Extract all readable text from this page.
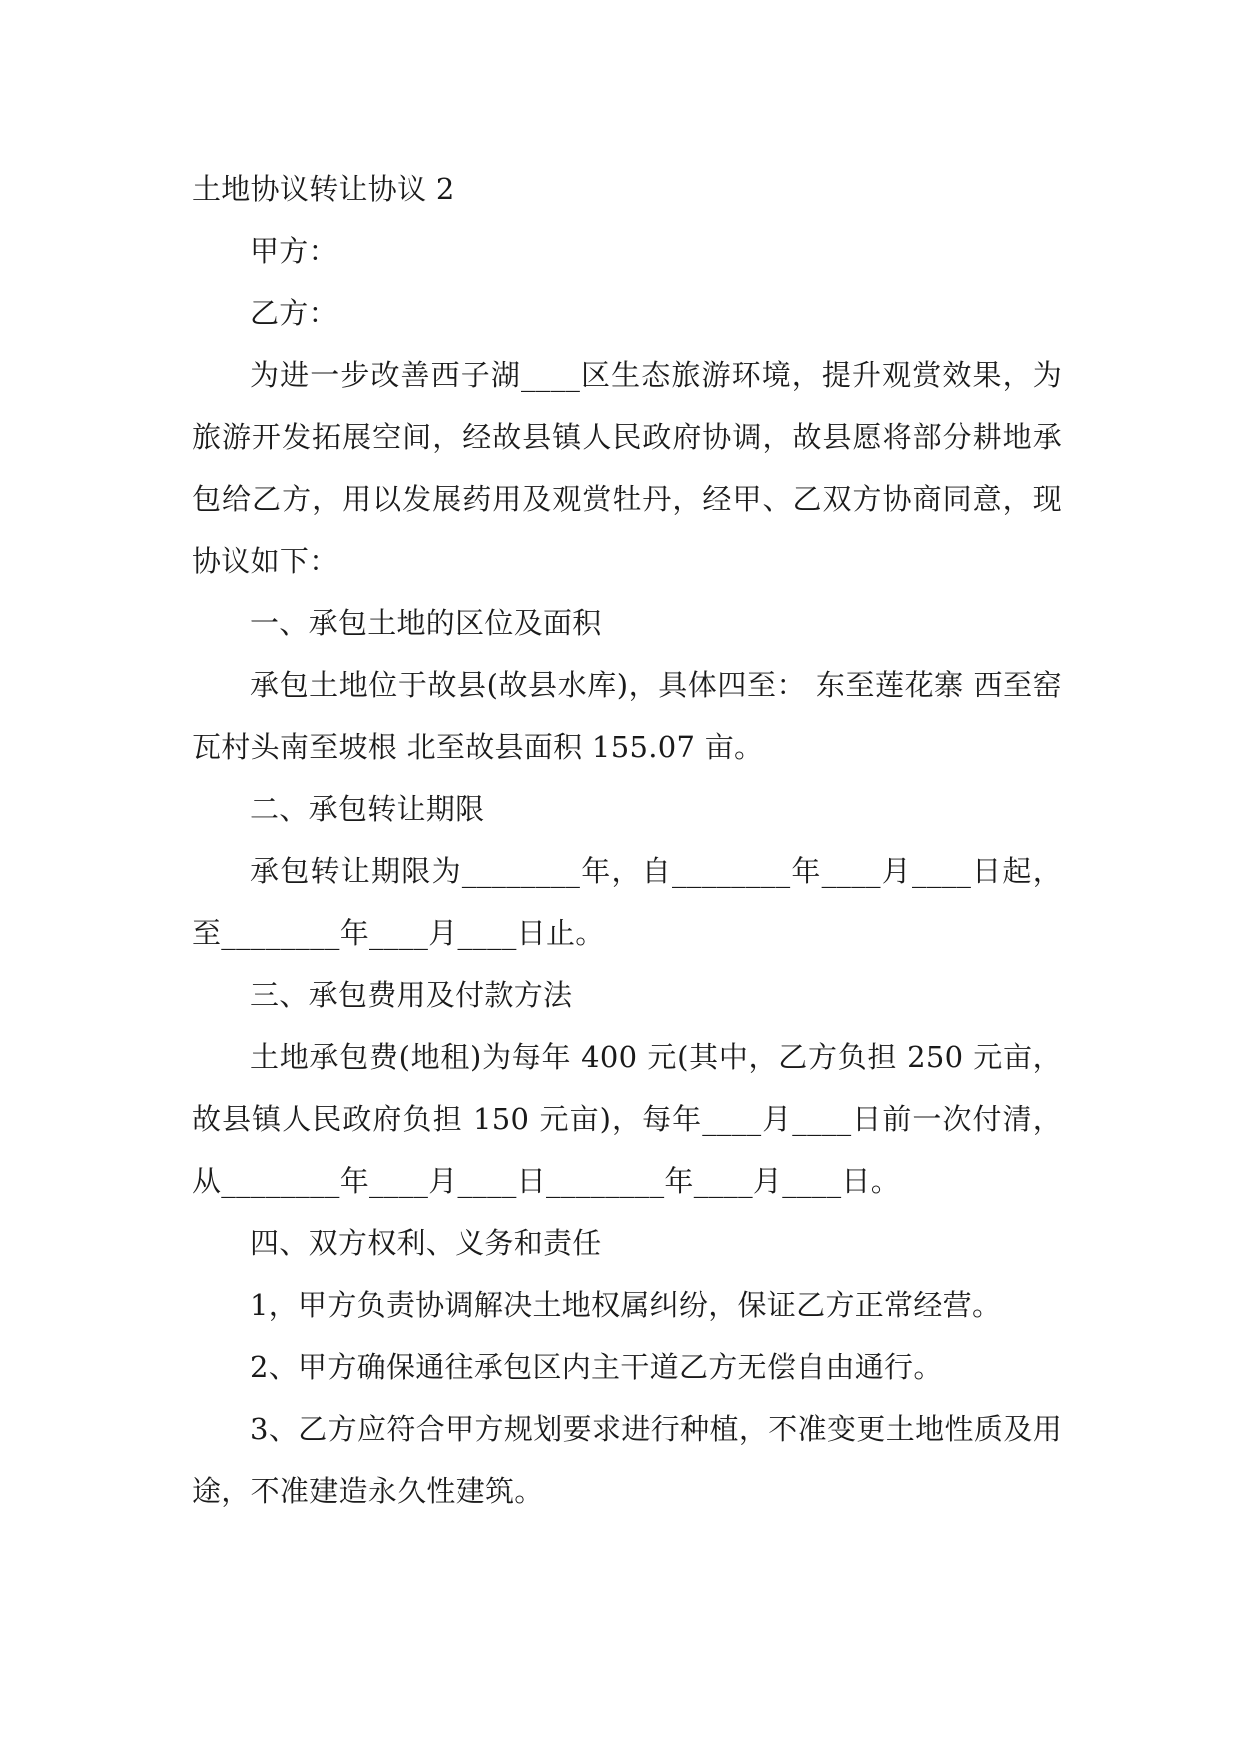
土地协议转让协议 2

甲方：

乙方：

为进一步改善西子湖____区生态旅游环境，提升观赏效果，为旅游开发拓展空间，经故县镇人民政府协调，故县愿将部分耕地承包给乙方，用以发展药用及观赏牡丹，经甲、乙双方协商同意，现协议如下：

一、承包土地的区位及面积

承包土地位于故县(故县水库)，具体四至： 东至莲花寨 西至窑瓦村头南至坡根 北至故县面积 155.07 亩。

二、承包转让期限

承包转让期限为________年，自________年____月____日起，至________年____月____日止。

三、承包费用及付款方法

土地承包费(地租)为每年 400 元(其中，乙方负担 250 元亩，故县镇人民政府负担 150 元亩)，每年____月____日前一次付清，从________年____月____日________年____月____日。

四、双方权利、义务和责任

1，甲方负责协调解决土地权属纠纷，保证乙方正常经营。

2、甲方确保通往承包区内主干道乙方无偿自由通行。

3、乙方应符合甲方规划要求进行种植，不准变更土地性质及用途，不准建造永久性建筑。
